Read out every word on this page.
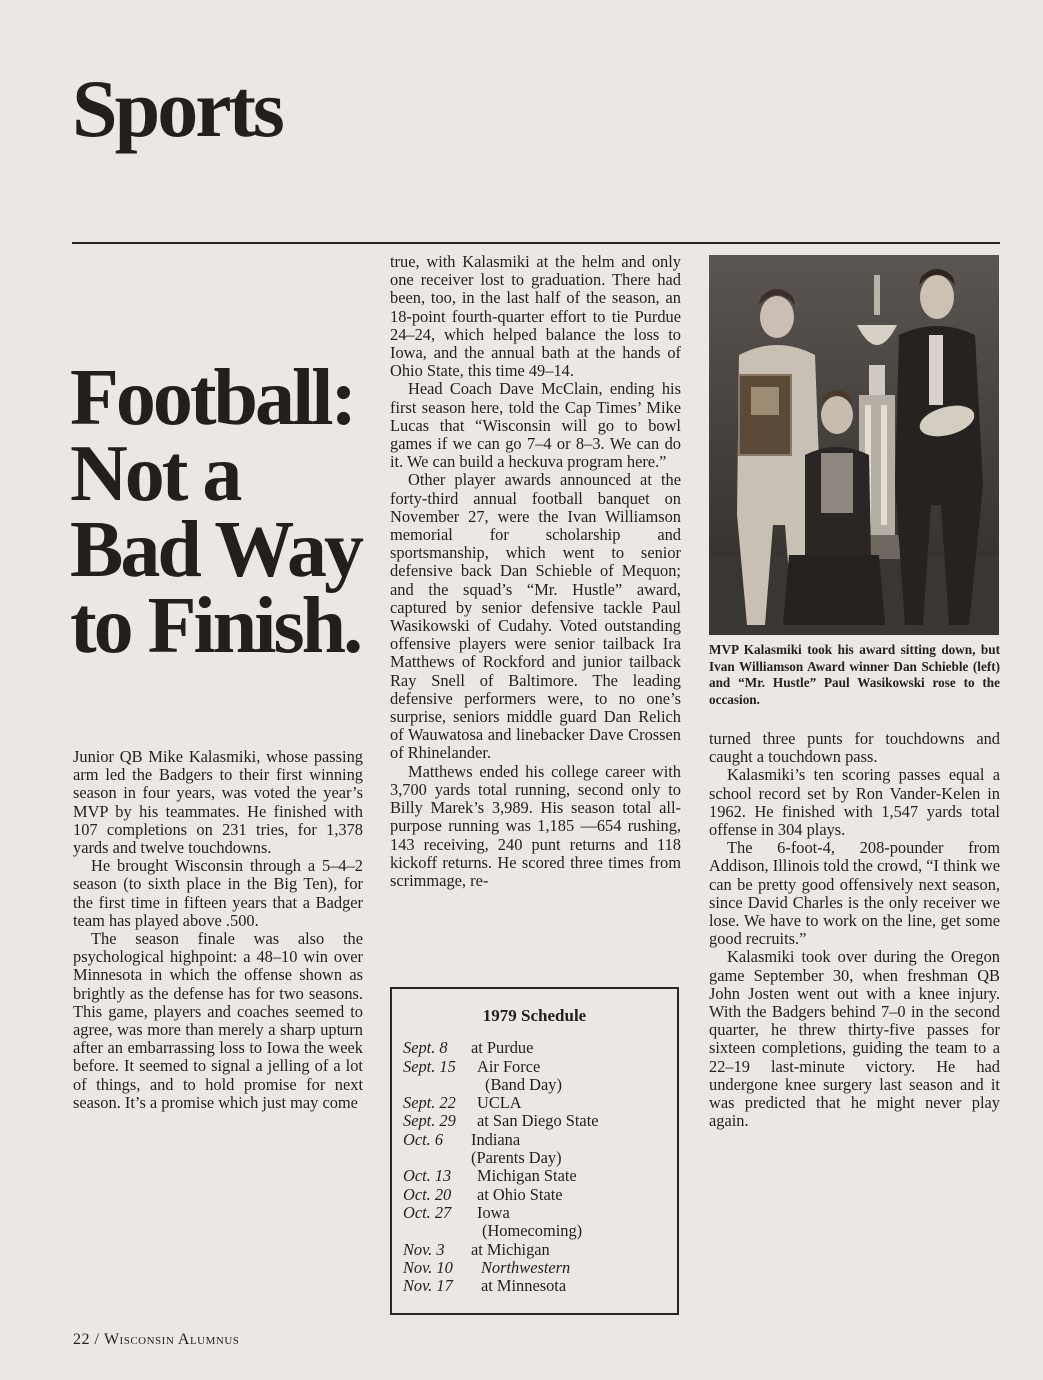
Sports
Football:
Not a
Bad Way
to Finish.

Junior QB Mike Kalasmiki, whose passing arm led the Badgers to their first winning season in four years, was voted the year’s MVP by his teammates. He finished with 107 completions on 231 tries, for 1,378 yards and twelve touchdowns.

He brought Wisconsin through a 5–4–2 season (to sixth place in the Big Ten), for the first time in fifteen years that a Badger team has played above .500.

The season finale was also the psychological highpoint: a 48–10 win over Minnesota in which the offense shown as brightly as the defense has for two seasons. This game, players and coaches seemed to agree, was more than merely a sharp upturn after an embarrassing loss to Iowa the week before. It seemed to signal a jelling of a lot of things, and to hold promise for next season. It’s a promise which just may come

true, with Kalasmiki at the helm and only one receiver lost to graduation. There had been, too, in the last half of the season, an 18-point fourth-quarter effort to tie Purdue 24–24, which helped balance the loss to Iowa, and the annual bath at the hands of Ohio State, this time 49–14.

Head Coach Dave McClain, ending his first season here, told the Cap Times’ Mike Lucas that “Wisconsin will go to bowl games if we can go 7–4 or 8–3. We can do it. We can build a heckuva program here.”

Other player awards announced at the forty-third annual football banquet on November 27, were the Ivan Williamson memorial for scholarship and sportsmanship, which went to senior defensive back Dan Schieble of Mequon; and the squad’s “Mr. Hustle” award, captured by senior defensive tackle Paul Wasikowski of Cudahy. Voted outstanding offensive players were senior tailback Ira Matthews of Rockford and junior tailback Ray Snell of Baltimore. The leading defensive performers were, to no one’s surprise, seniors middle guard Dan Relich of Wauwatosa and linebacker Dave Crossen of Rhinelander.

Matthews ended his college career with 3,700 yards total running, second only to Billy Marek’s 3,989. His season total all-purpose running was 1,185 —654 rushing, 143 receiving, 240 punt returns and 118 kickoff returns. He scored three times from scrimmage, re-

MVP Kalasmiki took his award sitting down, but Ivan Williamson Award winner Dan Schieble (left) and “Mr. Hustle” Paul Wasikowski rose to the occasion.
1979 Schedule
Sept. 8	at Purdue
Sept. 15	Air Force
(Band Day)
Sept. 22	UCLA
Sept. 29	at San Diego State
Oct. 6	Indiana
(Parents Day)
Oct. 13	Michigan State
Oct. 20	at Ohio State
Oct. 27	Iowa
(Homecoming)
Nov. 3	at Michigan
Nov. 10	Northwestern
Nov. 17	at Minnesota

turned three punts for touchdowns and caught a touchdown pass.

Kalasmiki’s ten scoring passes equal a school record set by Ron Vander-Kelen in 1962. He finished with 1,547 yards total offense in 304 plays.

The 6-foot-4, 208-pounder from Addison, Illinois told the crowd, “I think we can be pretty good offensively next season, since David Charles is the only receiver we lose. We have to work on the line, get some good recruits.”

Kalasmiki took over during the Oregon game September 30, when freshman QB John Josten went out with a knee injury. With the Badgers behind 7–0 in the second quarter, he threw thirty-five passes for sixteen completions, guiding the team to a 22–19 last-minute victory. He had undergone knee surgery last season and it was predicted that he might never play again.

22 / Wisconsin Alumnus
